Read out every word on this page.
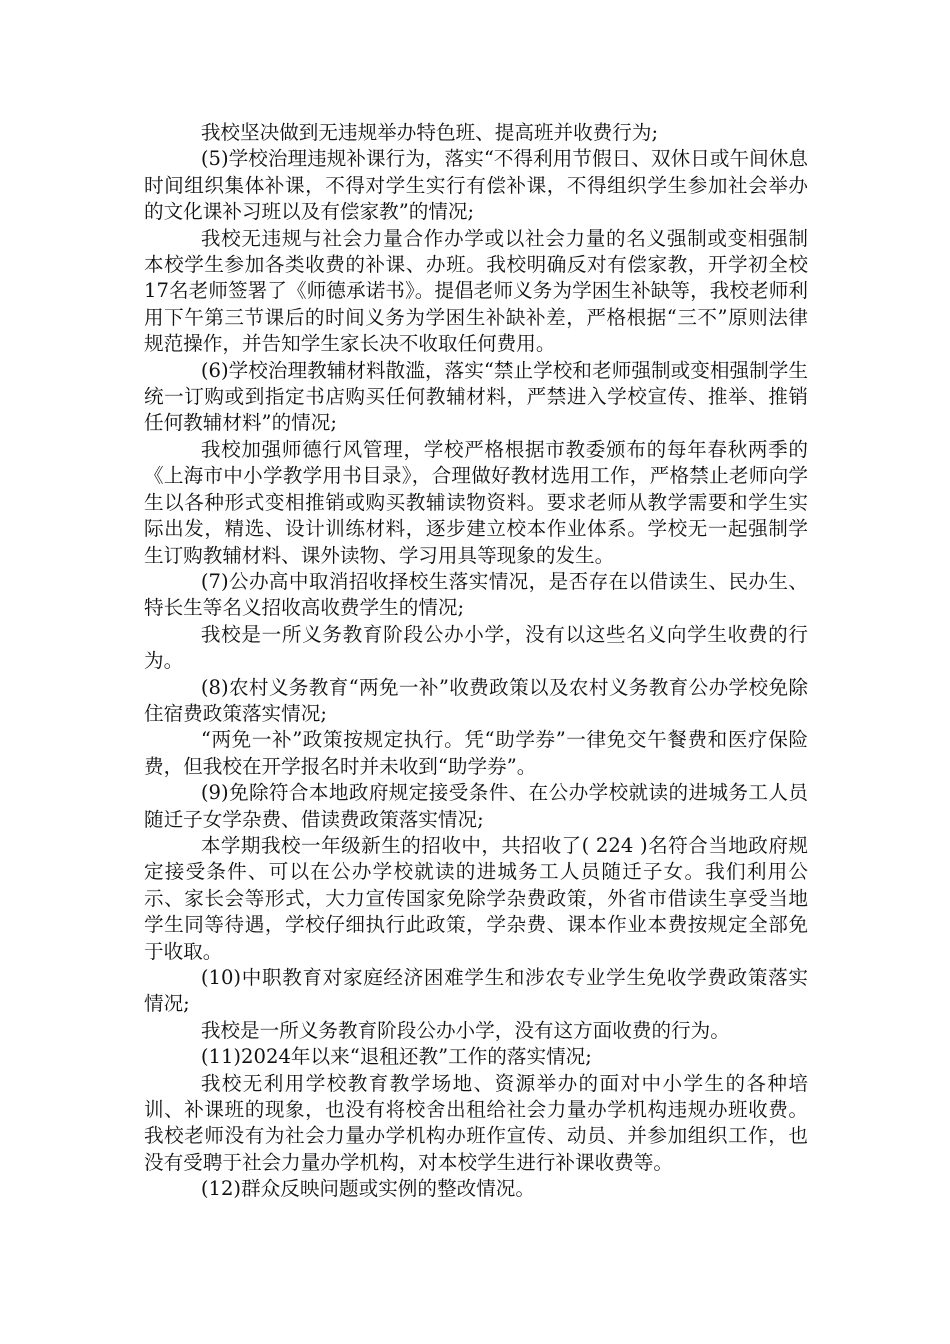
我校坚决做到无违规举办特色班、提高班并收费行为;

(5)学校治理违规补课行为，落实“不得利用节假日、双休日或午间休息时间组织集体补课，不得对学生实行有偿补课，不得组织学生参加社会举办的文化课补习班以及有偿家教”的情况;

我校无违规与社会力量合作办学或以社会力量的名义强制或变相强制本校学生参加各类收费的补课、办班。我校明确反对有偿家教，开学初全校17名老师签署了《师德承诺书》。提倡老师义务为学困生补缺等，我校老师利用下午第三节课后的时间义务为学困生补缺补差，严格根据“三不”原则法律规范操作，并告知学生家长决不收取任何费用。

(6)学校治理教辅材料散滥，落实“禁止学校和老师强制或变相强制学生统一订购或到指定书店购买任何教辅材料，严禁进入学校宣传、推举、推销任何教辅材料”的情况;

我校加强师德行风管理，学校严格根据市教委颁布的每年春秋两季的《上海市中小学教学用书目录》，合理做好教材选用工作，严格禁止老师向学生以各种形式变相推销或购买教辅读物资料。要求老师从教学需要和学生实际出发，精选、设计训练材料，逐步建立校本作业体系。学校无一起强制学生订购教辅材料、课外读物、学习用具等现象的发生。

(7)公办高中取消招收择校生落实情况，是否存在以借读生、民办生、特长生等名义招收高收费学生的情况;

我校是一所义务教育阶段公办小学，没有以这些名义向学生收费的行为。

(8)农村义务教育“两免一补”收费政策以及农村义务教育公办学校免除住宿费政策落实情况;

“两免一补”政策按规定执行。凭“助学券”一律免交午餐费和医疗保险费，但我校在开学报名时并未收到“助学券”。

(9)免除符合本地政府规定接受条件、在公办学校就读的进城务工人员随迁子女学杂费、借读费政策落实情况;

本学期我校一年级新生的招收中，共招收了( 224 )名符合当地政府规定接受条件、可以在公办学校就读的进城务工人员随迁子女。我们利用公示、家长会等形式，大力宣传国家免除学杂费政策，外省市借读生享受当地学生同等待遇，学校仔细执行此政策，学杂费、课本作业本费按规定全部免于收取。

(10)中职教育对家庭经济困难学生和涉农专业学生免收学费政策落实情况;

我校是一所义务教育阶段公办小学，没有这方面收费的行为。

(11)2024年以来“退租还教”工作的落实情况;

我校无利用学校教育教学场地、资源举办的面对中小学生的各种培训、补课班的现象，也没有将校舍出租给社会力量办学机构违规办班收费。我校老师没有为社会力量办学机构办班作宣传、动员、并参加组织工作，也没有受聘于社会力量办学机构，对本校学生进行补课收费等。

(12)群众反映问题或实例的整改情况。
